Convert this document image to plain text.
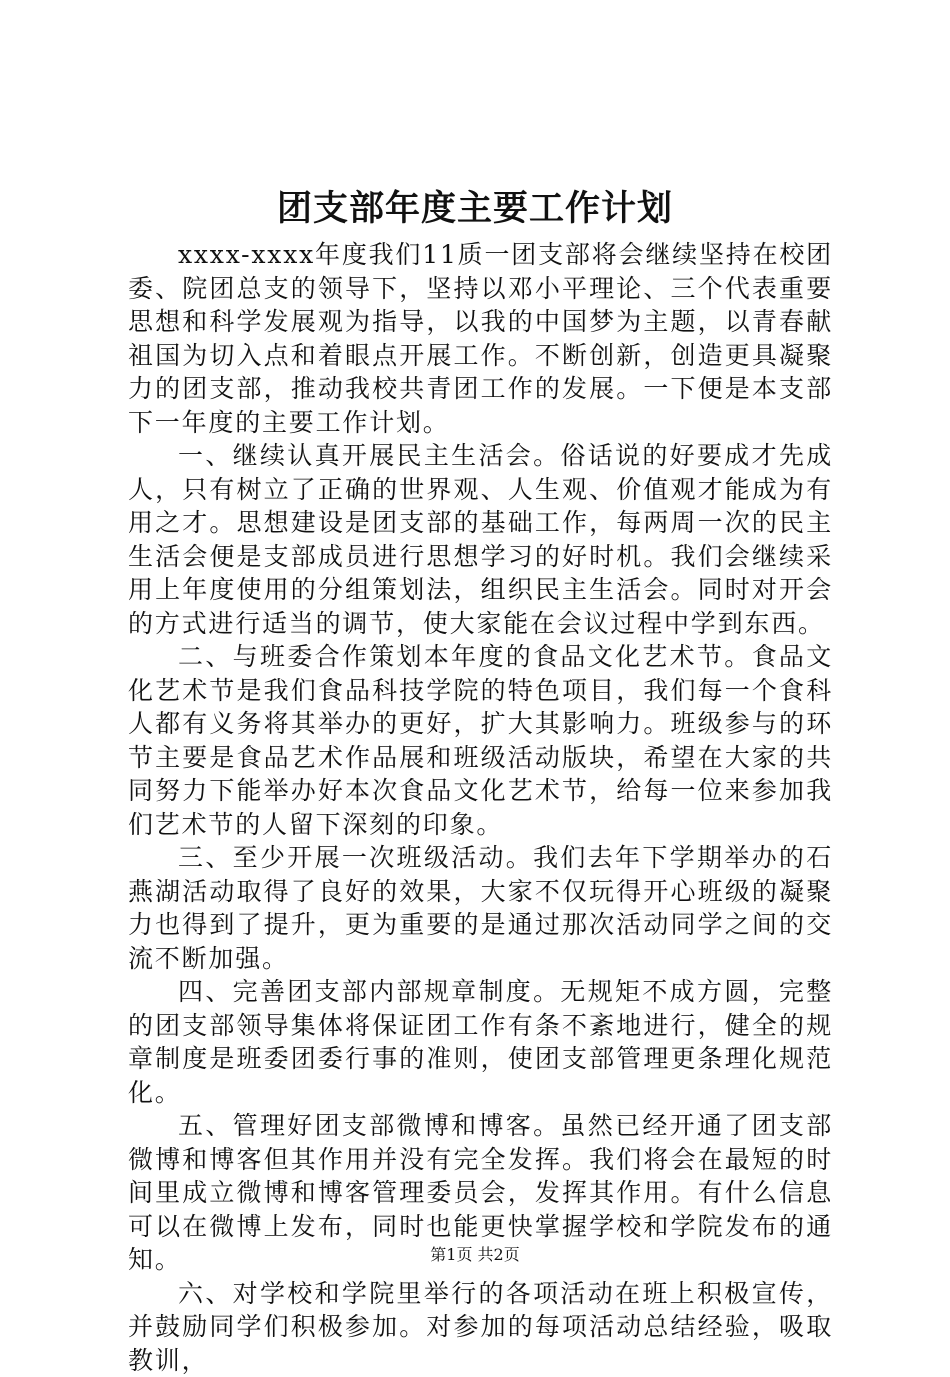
团支部年度主要工作计划

xxxx-xxxx年度我们11质一团支部将会继续坚持在校团委、院团总支的领导下，坚持以邓小平理论、三个代表重要思想和科学发展观为指导，以我的中国梦为主题，以青春献祖国为切入点和着眼点开展工作。不断创新，创造更具凝聚力的团支部，推动我校共青团工作的发展。一下便是本支部下一年度的主要工作计划。

一、继续认真开展民主生活会。俗话说的好要成才先成人，只有树立了正确的世界观、人生观、价值观才能成为有用之才。思想建设是团支部的基础工作，每两周一次的民主生活会便是支部成员进行思想学习的好时机。我们会继续采用上年度使用的分组策划法，组织民主生活会。同时对开会的方式进行适当的调节，使大家能在会议过程中学到东西。

二、与班委合作策划本年度的食品文化艺术节。食品文化艺术节是我们食品科技学院的特色项目，我们每一个食科人都有义务将其举办的更好，扩大其影响力。班级参与的环节主要是食品艺术作品展和班级活动版块，希望在大家的共同努力下能举办好本次食品文化艺术节，给每一位来参加我们艺术节的人留下深刻的印象。

三、至少开展一次班级活动。我们去年下学期举办的石燕湖活动取得了良好的效果，大家不仅玩得开心班级的凝聚力也得到了提升，更为重要的是通过那次活动同学之间的交流不断加强。

四、完善团支部内部规章制度。无规矩不成方圆，完整的团支部领导集体将保证团工作有条不紊地进行，健全的规章制度是班委团委行事的准则，使团支部管理更条理化规范化。

五、管理好团支部微博和博客。虽然已经开通了团支部微博和博客但其作用并没有完全发挥。我们将会在最短的时间里成立微博和博客管理委员会，发挥其作用。有什么信息可以在微博上发布，同时也能更快掌握学校和学院发布的通知。

六、对学校和学院里举行的各项活动在班上积极宣传，并鼓励同学们积极参加。对参加的每项活动总结经验，吸取教训，

第1页 共2页
